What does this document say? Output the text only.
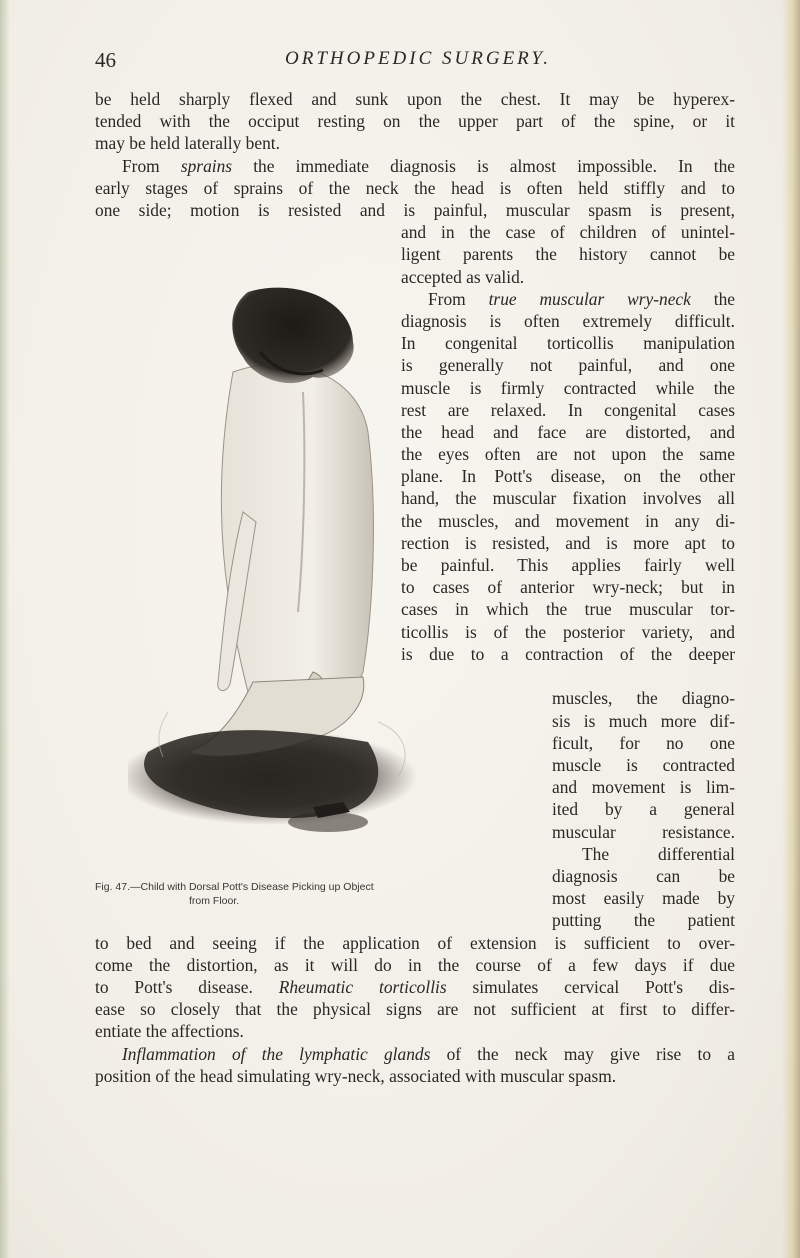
46	ORTHOPEDIC SURGERY.
be held sharply flexed and sunk upon the chest. It may be hyperex-
tended with the occiput resting on the upper part of the spine, or it
may be held laterally bent.
From sprains the immediate diagnosis is almost impossible. In the
early stages of sprains of the neck the head is often held stiffly and to
one side; motion is resisted and is painful, muscular spasm is present,
and in the case of children of unintel-
ligent parents the history cannot be
accepted as valid.
From true muscular wry-neck the
diagnosis is often extremely difficult.
In congenital torticollis manipulation
is generally not painful, and one
muscle is firmly contracted while the
rest are relaxed. In congenital cases
the head and face are distorted, and
the eyes often are not upon the same
plane. In Pott's disease, on the other
hand, the muscular fixation involves all
the muscles, and movement in any di-
rection is resisted, and is more apt to
be painful. This applies fairly well
to cases of anterior wry-neck; but in
cases in which the true muscular tor-
ticollis is of the posterior variety, and
is due to a contraction of the deeper
muscles, the diagno-
sis is much more dif-
ficult, for no one
muscle is contracted
and movement is lim-
ited by a general
muscular resistance.
The differential
diagnosis can be
most easily made by
putting the patient
Fig. 47.—Child with Dorsal Pott's Disease Picking up Object
from Floor.
to bed and seeing if the application of extension is sufficient to over-
come the distortion, as it will do in the course of a few days if due
to Pott's disease. Rheumatic torticollis simulates cervical Pott's dis-
ease so closely that the physical signs are not sufficient at first to differ-
entiate the affections.
Inflammation of the lymphatic glands of the neck may give rise to a
position of the head simulating wry-neck, associated with muscular spasm.
